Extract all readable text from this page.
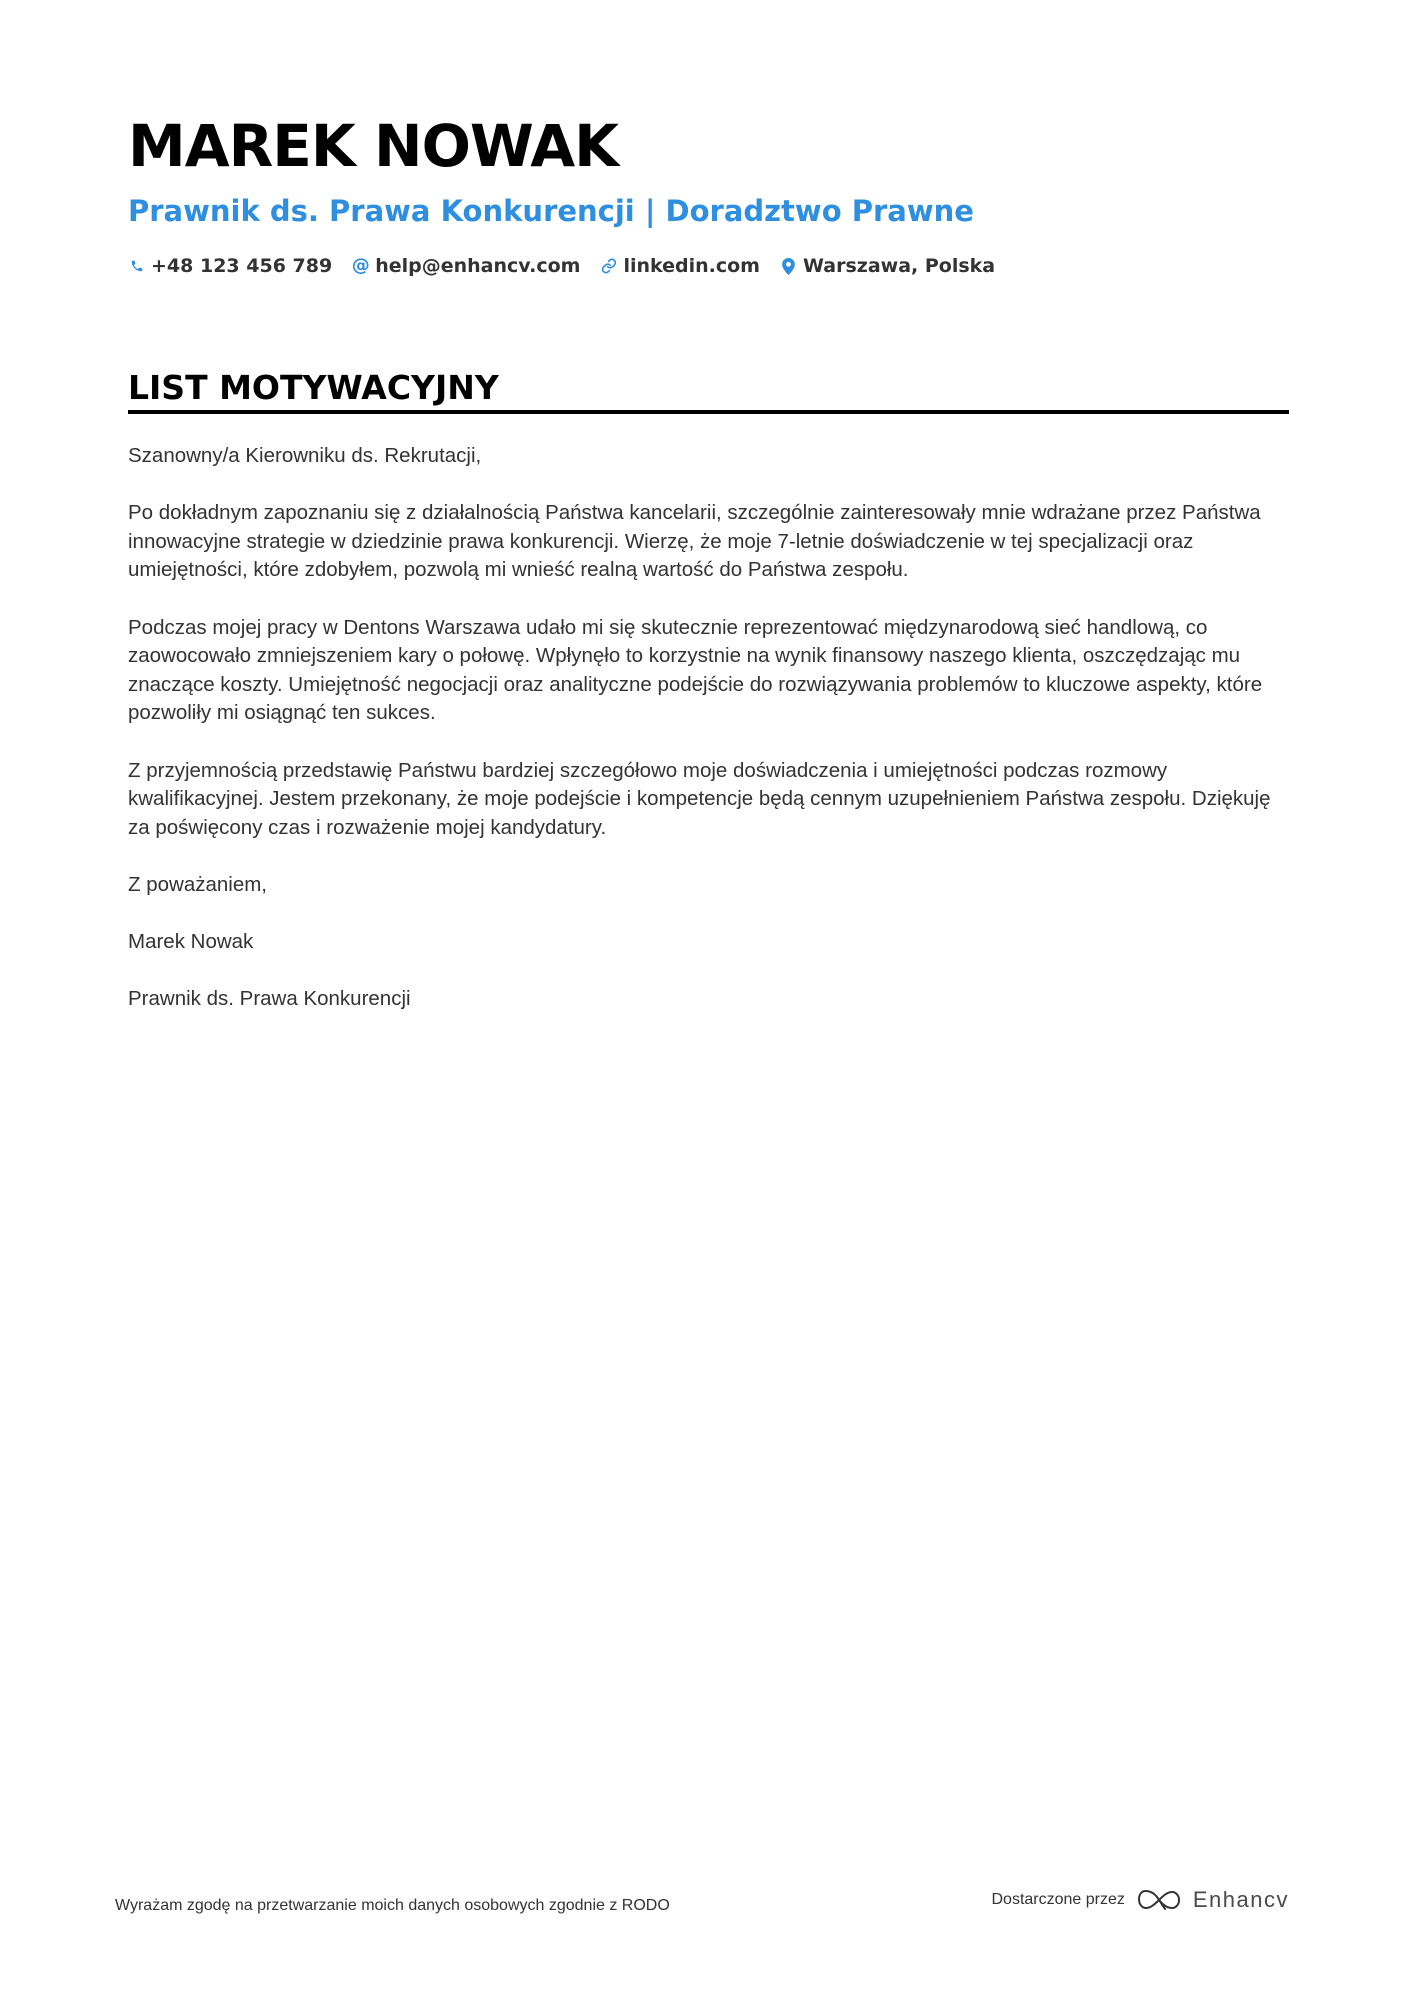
MAREK NOWAK
Prawnik ds. Prawa Konkurencji | Doradztwo Prawne
+48 123 456 789 @ help@enhancv.com linkedin.com Warszawa, Polska
LIST MOTYWACYJNY

Szanowny/a Kierowniku ds. Rekrutacji,

Po dokładnym zapoznaniu się z działalnością Państwa kancelarii, szczególnie zainteresowały mnie wdrażane przez Państwa innowacyjne strategie w dziedzinie prawa konkurencji. Wierzę, że moje 7-letnie doświadczenie w tej specjalizacji oraz umiejętności, które zdobyłem, pozwolą mi wnieść realną wartość do Państwa zespołu.

Podczas mojej pracy w Dentons Warszawa udało mi się skutecznie reprezentować międzynarodową sieć handlową, co zaowocowało zmniejszeniem kary o połowę. Wpłynęło to korzystnie na wynik finansowy naszego klienta, oszczędzając mu znaczące koszty. Umiejętność negocjacji oraz analityczne podejście do rozwiązywania problemów to kluczowe aspekty, które pozwoliły mi osiągnąć ten sukces.

Z przyjemnością przedstawię Państwu bardziej szczegółowo moje doświadczenia i umiejętności podczas rozmowy kwalifikacyjnej. Jestem przekonany, że moje podejście i kompetencje będą cennym uzupełnieniem Państwa zespołu. Dziękuję za poświęcony czas i rozważenie mojej kandydatury.

Z poważaniem,

Marek Nowak

Prawnik ds. Prawa Konkurencji

Wyrażam zgodę na przetwarzanie moich danych osobowych zgodnie z RODO	Dostarczone przez	Enhancv
